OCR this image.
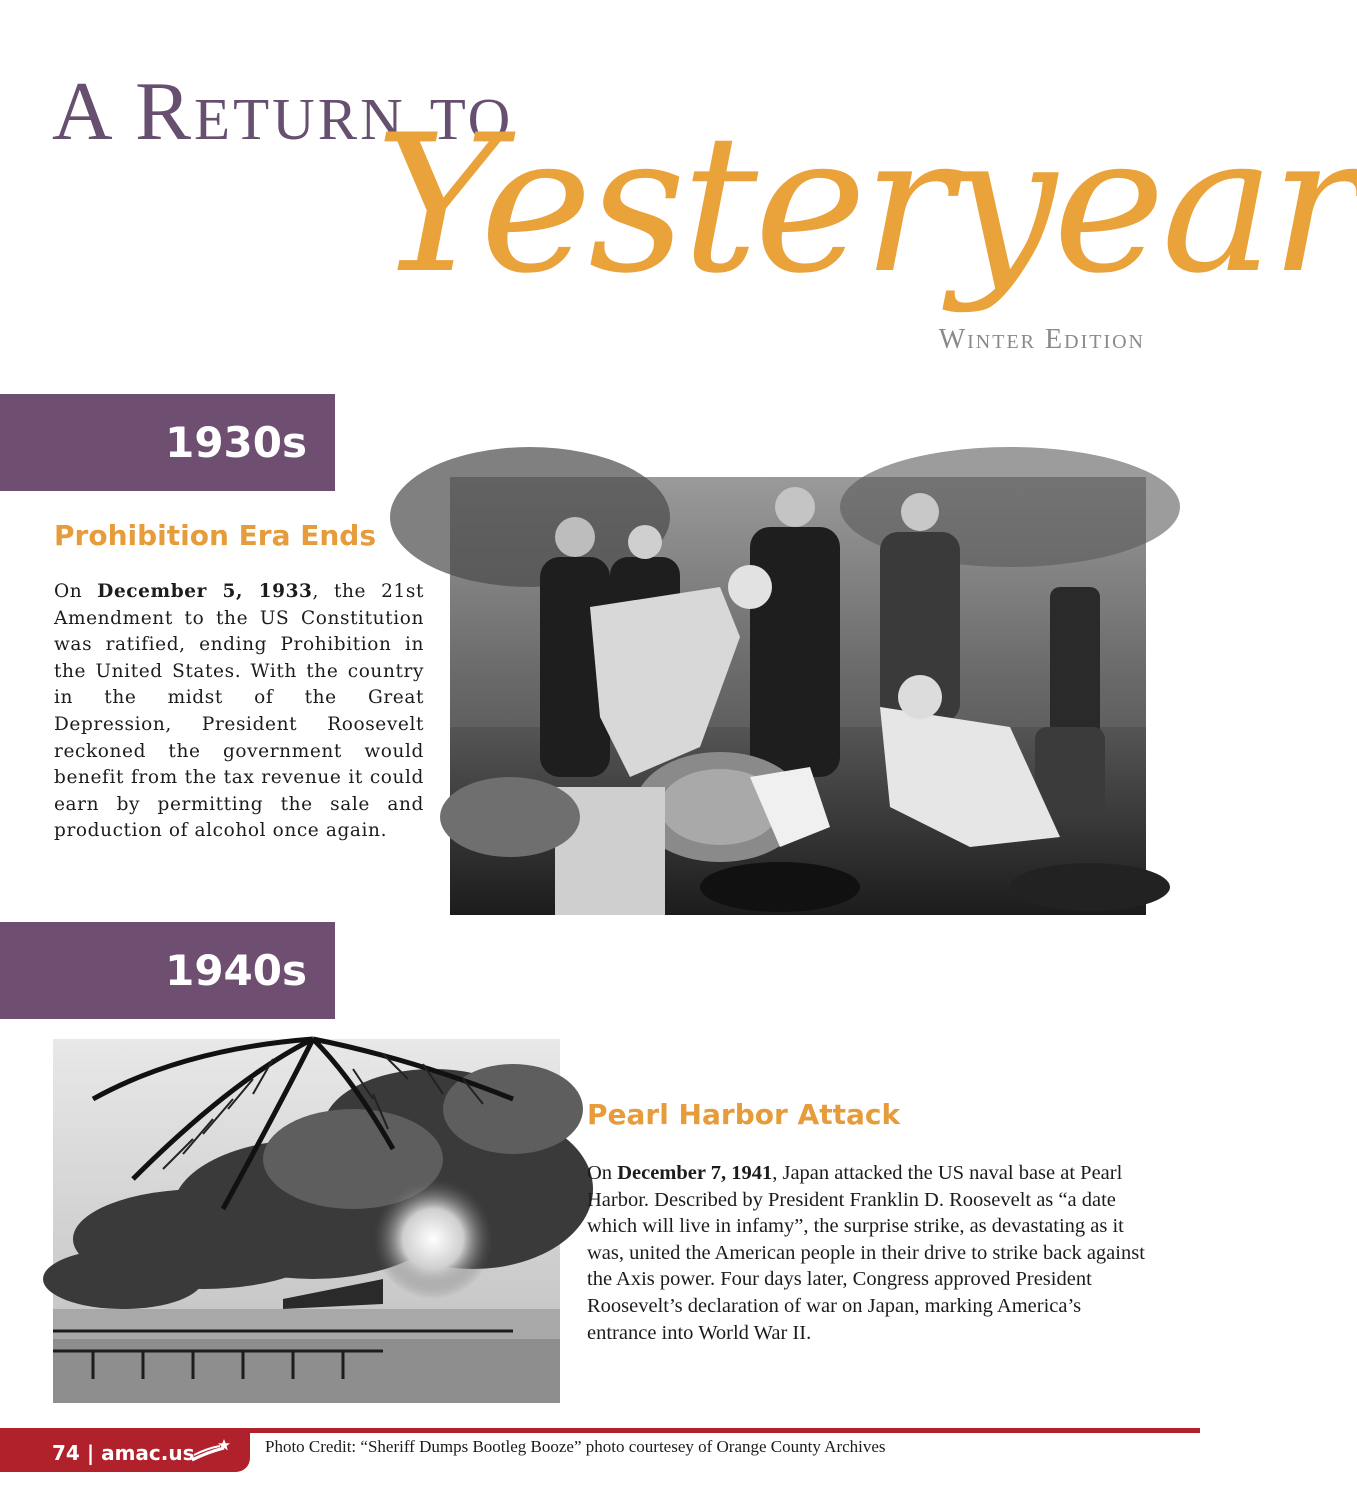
A Return to
Yesteryear
Winter Edition
1930s
Prohibition Era Ends

On December 5, 1933, the 21st Amendment to the US Constitution was ratified, ending Prohibition in the United States. With the country in the midst of the Great Depression, President Roosevelt reckoned the government would benefit from the tax revenue it could earn by permitting the sale and production of alcohol once again.

1940s
Pearl Harbor Attack

On December 7, 1941, Japan attacked the US naval base at Pearl Harbor. Described by President Franklin D. Roosevelt as “a date which will live in infamy”, the surprise strike, as devastating as it was, united the American people in their drive to strike back against the Axis power. Four days later, Congress approved President Roosevelt’s declaration of war on Japan, marking America’s entrance into World War II.

74 | amac.us	Photo Credit: “Sheriff Dumps Bootleg Booze” photo courtesey of Orange County Archives
